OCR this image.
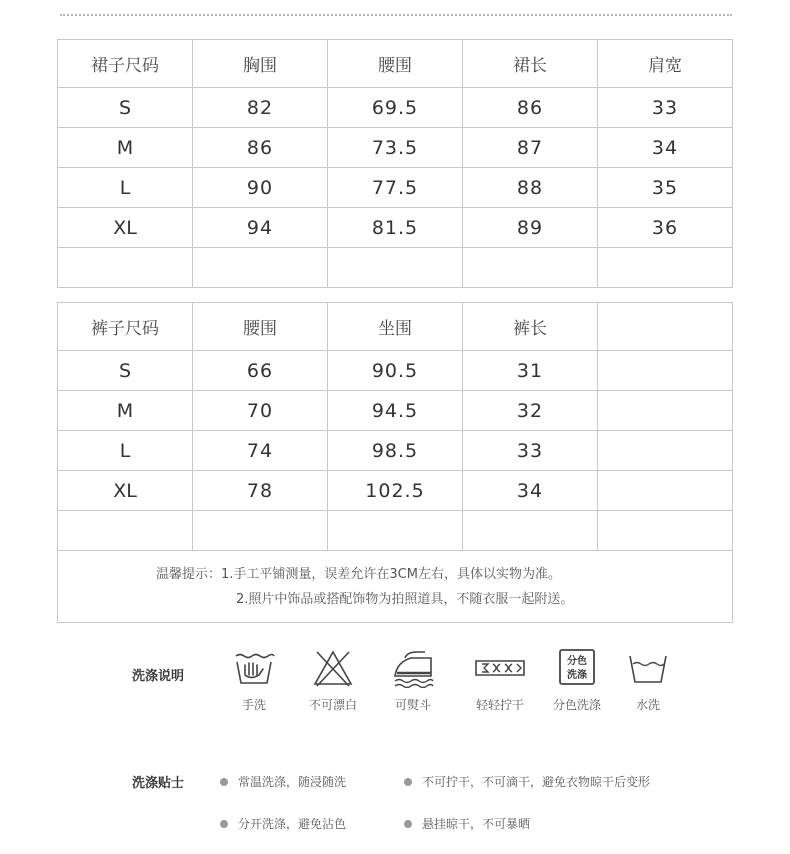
裙子尺码	胸围	腰围	裙长	肩宽
S	82	69.5	86	33
M	86	73.5	87	34
L	90	77.5	88	35
XL	94	81.5	89	36

裤子尺码	腰围	坐围	裤长	
S	66	90.5	31	
M	70	94.5	32	
L	74	98.5	33	
XL	78	102.5	34	

温馨提示：1.手工平铺测量，误差允许在3CM左右，具体以实物为准。
2.照片中饰品或搭配饰物为拍照道具，不随衣服一起附送。				
洗涤说明
手洗	不可漂白	可熨斗	轻轻拧干
分色
洗涤
分色洗涤	水洗
洗涤贴士	常温洗涤，随浸随洗	不可拧干，不可滴干，避免衣物晾干后变形
分开洗涤，避免沾色	悬挂晾干，不可暴晒
